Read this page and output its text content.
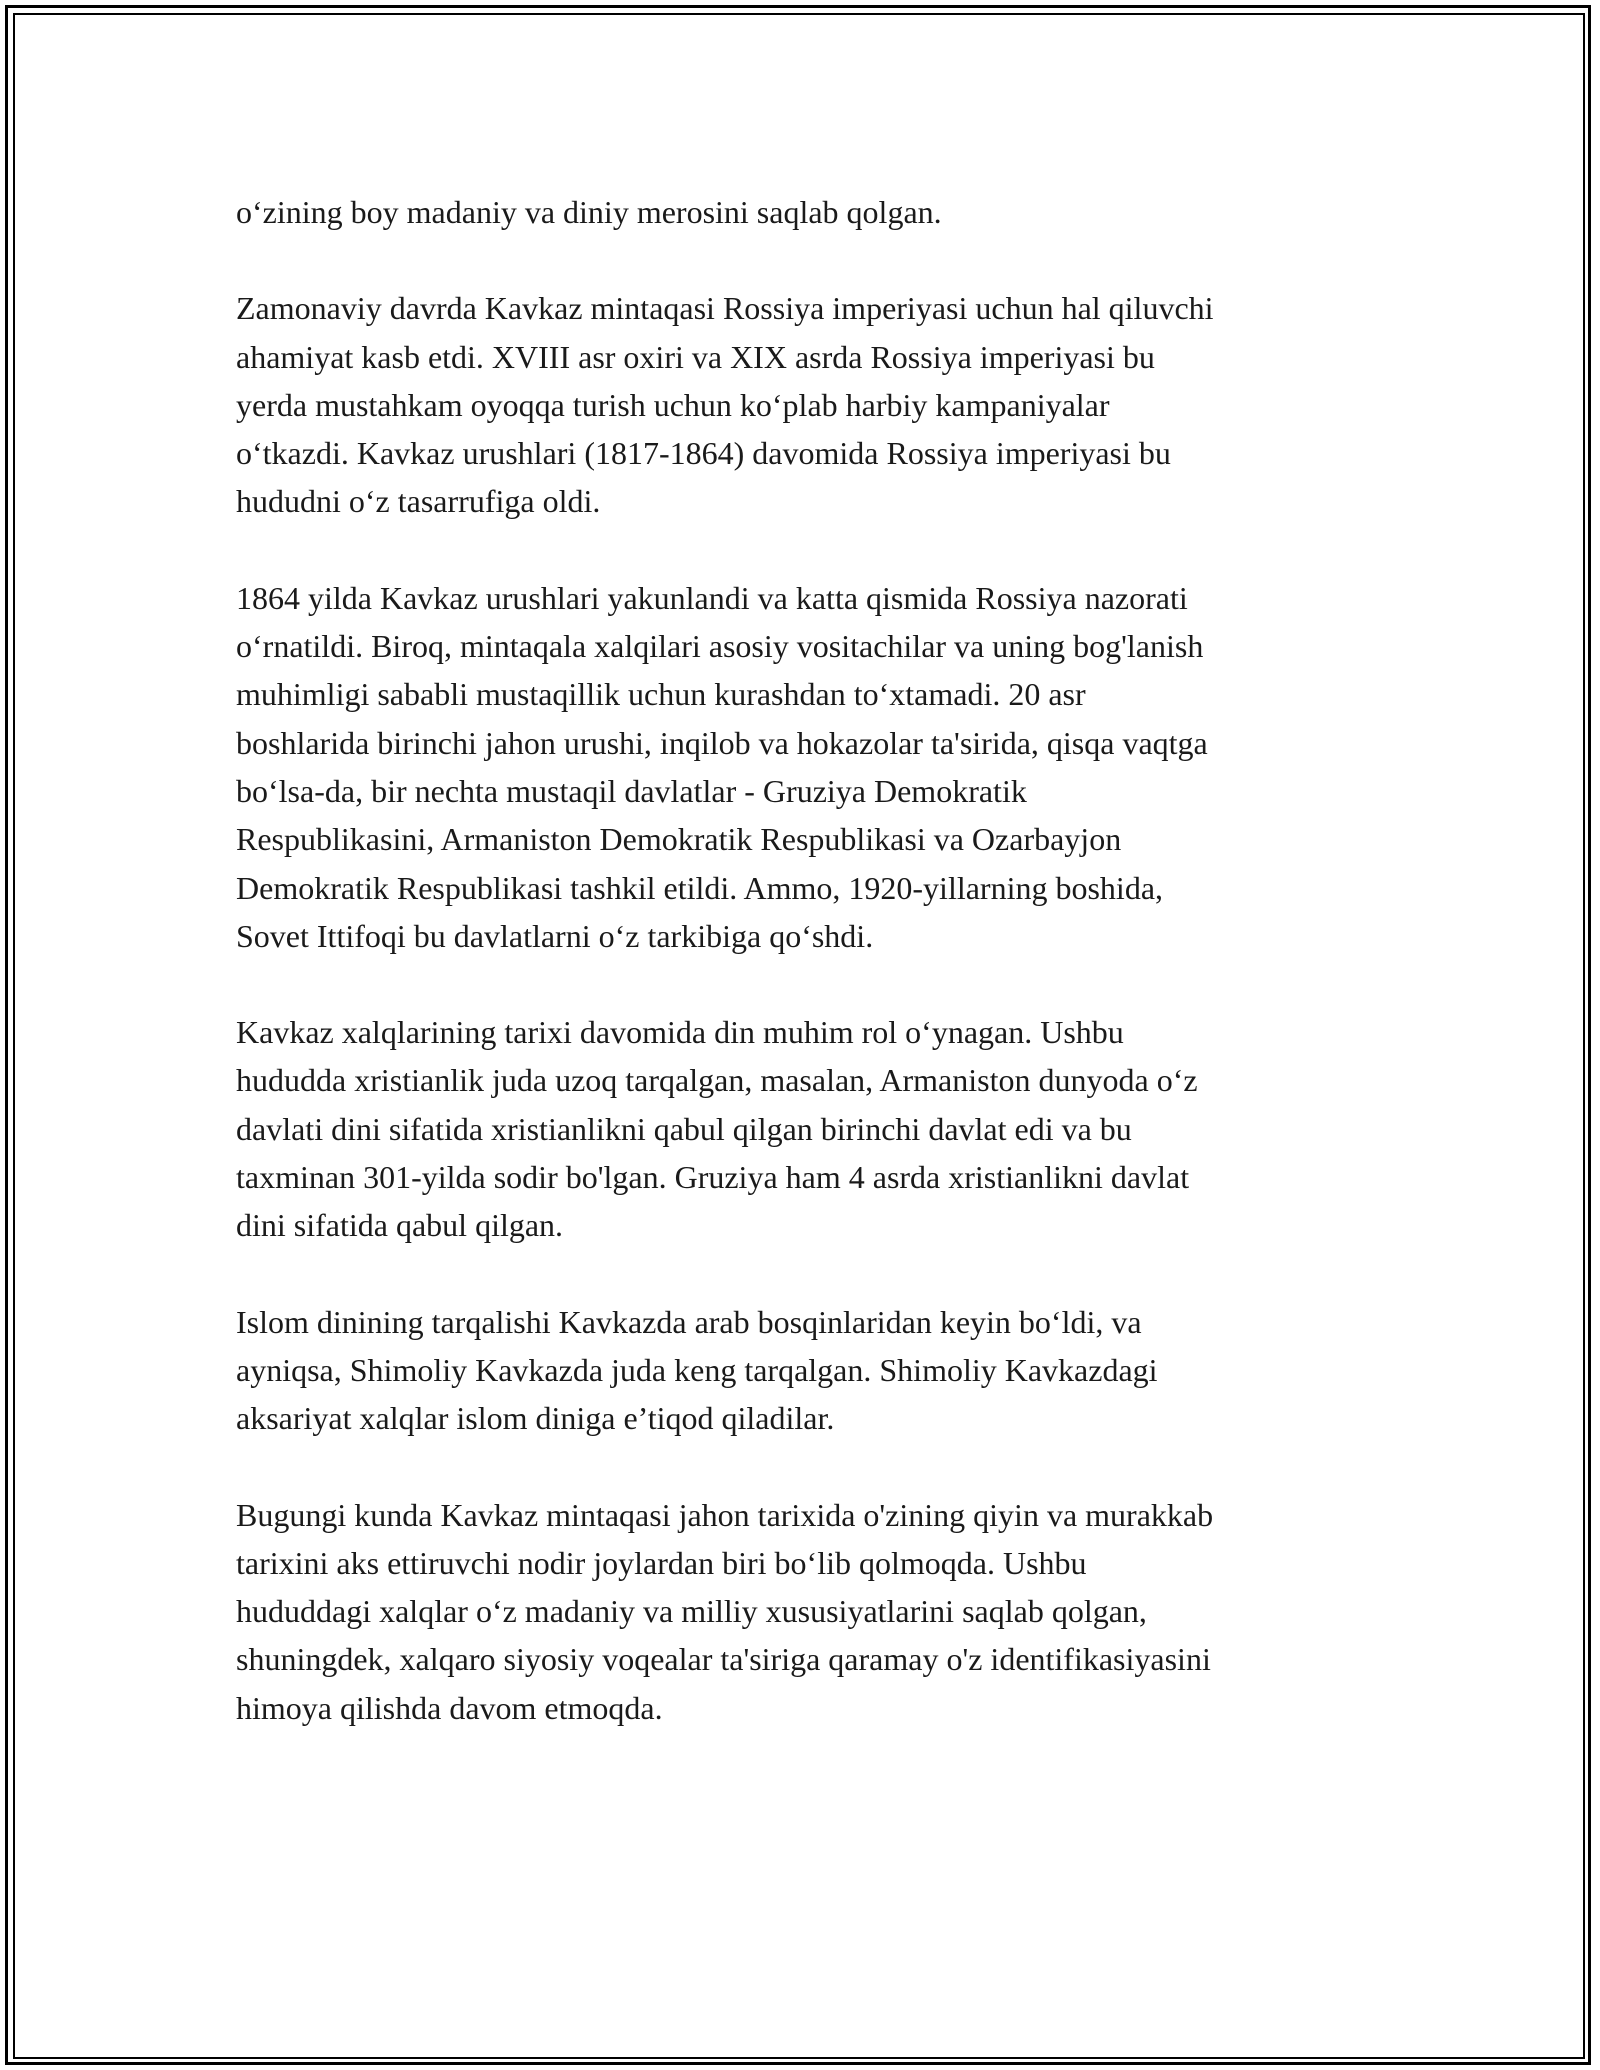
o‘zining boy madaniy va diniy merosini saqlab qolgan.

Zamonaviy davrda Kavkaz mintaqasi Rossiya imperiyasi uchun hal qiluvchi
ahamiyat kasb etdi. XVIII asr oxiri va XIX asrda Rossiya imperiyasi bu
yerda mustahkam oyoqqa turish uchun ko‘plab harbiy kampaniyalar
o‘tkazdi. Kavkaz urushlari (1817-1864) davomida Rossiya imperiyasi bu
hududni o‘z tasarrufiga oldi.

1864 yilda Kavkaz urushlari yakunlandi va katta qismida Rossiya nazorati
o‘rnatildi. Biroq, mintaqala xalqilari asosiy vositachilar va uning bog'lanish
muhimligi sababli mustaqillik uchun kurashdan to‘xtamadi. 20 asr
boshlarida birinchi jahon urushi, inqilob va hokazolar ta'sirida, qisqa vaqtga
bo‘lsa-da, bir nechta mustaqil davlatlar - Gruziya Demokratik
Respublikasini, Armaniston Demokratik Respublikasi va Ozarbayjon
Demokratik Respublikasi tashkil etildi. Ammo, 1920-yillarning boshida,
Sovet Ittifoqi bu davlatlarni o‘z tarkibiga qo‘shdi.

Kavkaz xalqlarining tarixi davomida din muhim rol o‘ynagan. Ushbu
hududda xristianlik juda uzoq tarqalgan, masalan, Armaniston dunyoda o‘z
davlati dini sifatida xristianlikni qabul qilgan birinchi davlat edi va bu
taxminan 301-yilda sodir bo'lgan. Gruziya ham 4 asrda xristianlikni davlat
dini sifatida qabul qilgan.

Islom dinining tarqalishi Kavkazda arab bosqinlaridan keyin bo‘ldi, va
ayniqsa, Shimoliy Kavkazda juda keng tarqalgan. Shimoliy Kavkazdagi
aksariyat xalqlar islom diniga e’tiqod qiladilar.

Bugungi kunda Kavkaz mintaqasi jahon tarixida o'zining qiyin va murakkab
tarixini aks ettiruvchi nodir joylardan biri bo‘lib qolmoqda. Ushbu
hududdagi xalqlar o‘z madaniy va milliy xususiyatlarini saqlab qolgan,
shuningdek, xalqaro siyosiy voqealar ta'siriga qaramay o'z identifikasiyasini
himoya qilishda davom etmoqda.
